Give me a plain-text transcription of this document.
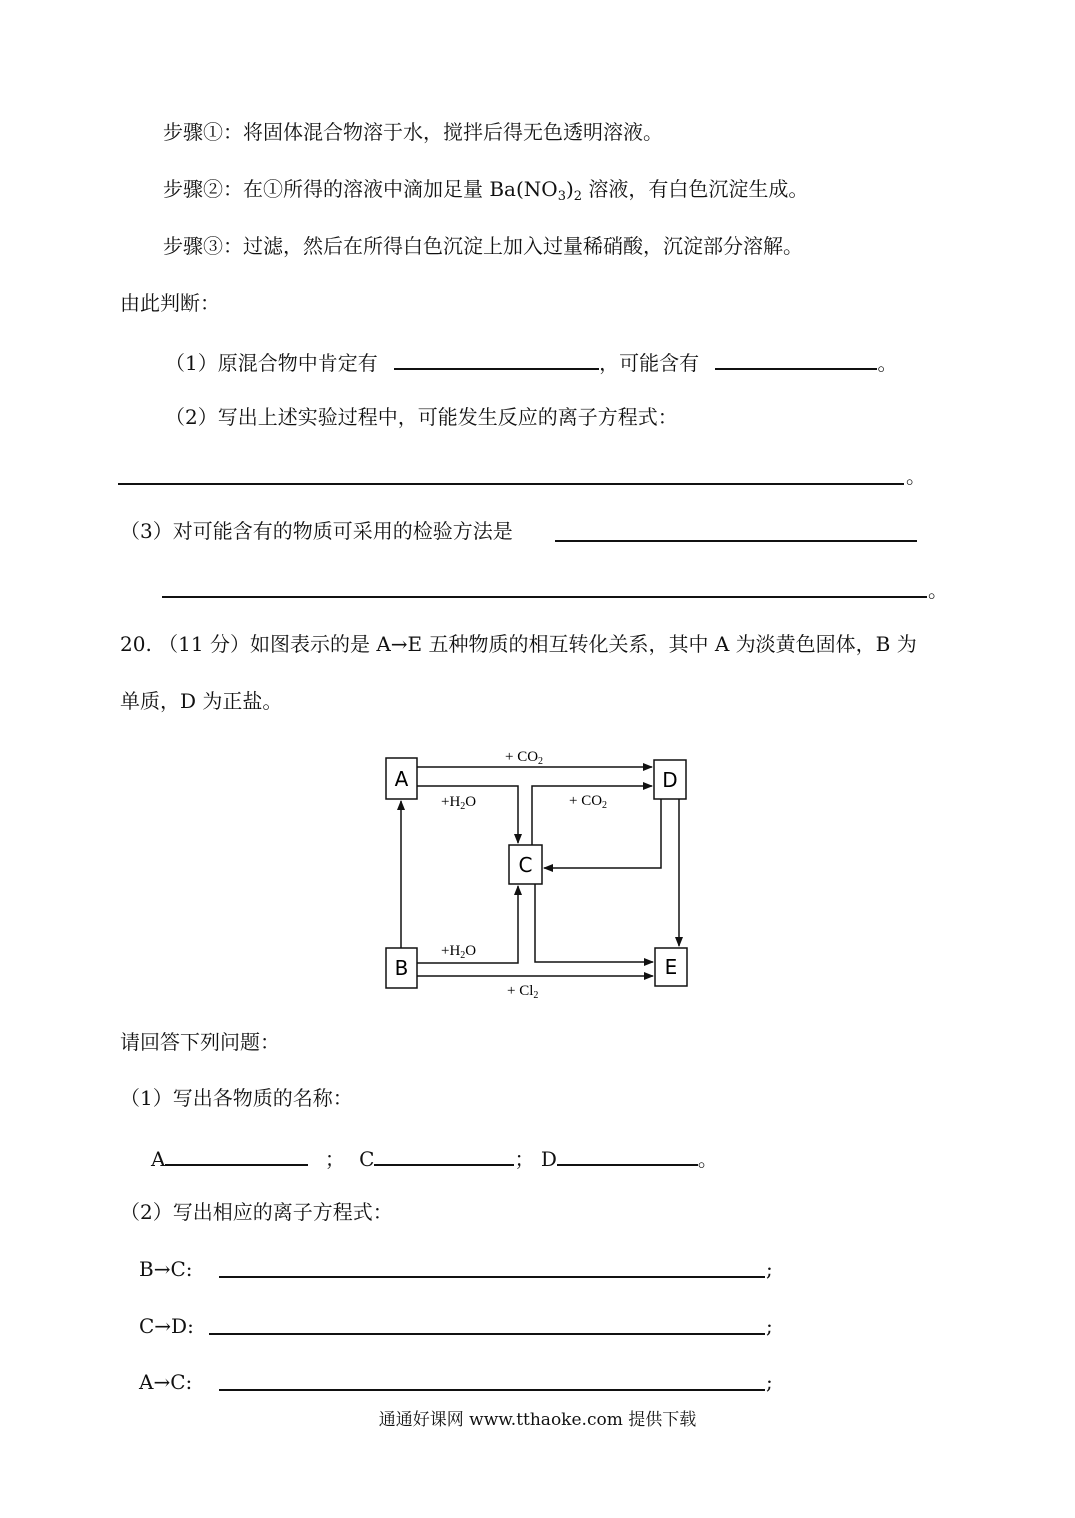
步骤①：将固体混合物溶于水，搅拌后得无色透明溶液。
步骤②：在①所得的溶液中滴加足量 $Ba(NO_3)_2$ 溶液，有白色沉淀生成。
步骤③：过滤，然后在所得白色沉淀上加入过量稀硝酸，沉淀部分溶解。
由此判断：
（1）原混合物中肯定有	，可能含有	。
（2）写出上述实验过程中，可能发生反应的离子方程式：
。
（3）对可能含有的物质可采用的检验方法是
。
20. （11 分）如图表示的是 A→E 五种物质的相互转化关系，其中 A 为淡黄色固体，B 为
单质，D 为正盐。
A
B
C
D
E
+ $CO_2$
$+H_2O$	+ $CO_2$
$+H_2O$
+ $Cl_2$
请回答下列问题：
（1）写出各物质的名称：
A	； C	； D	。
（2）写出相应的离子方程式：
B→C:	;
C→D:	;
A→C:	;
通通好课网 www.tthaoke.com 提供下载
